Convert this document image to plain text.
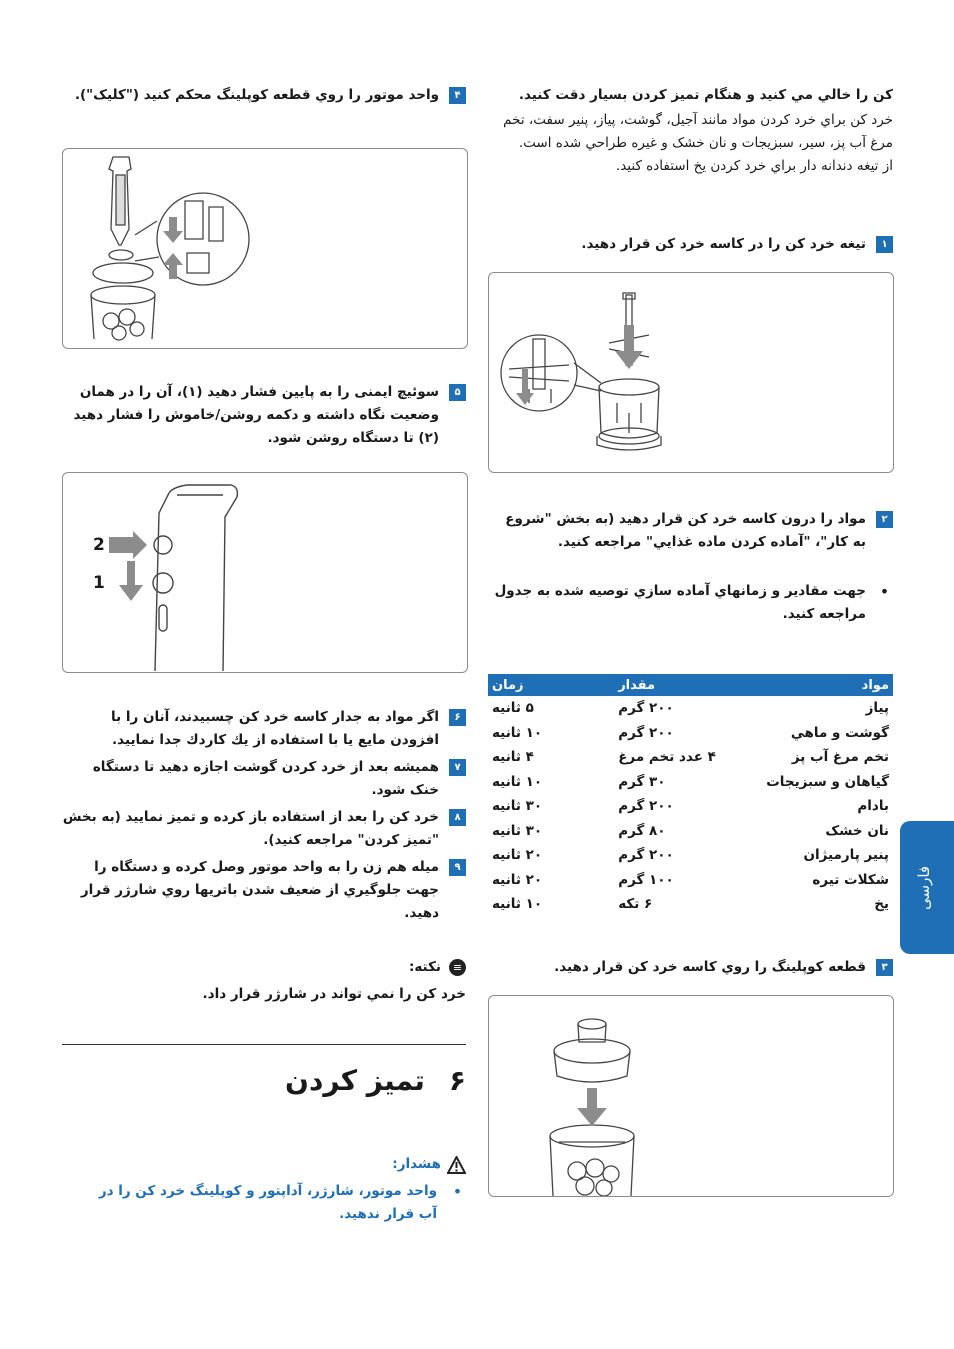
کن را خالي مي کنيد و هنگام تميز کردن بسيار دقت کنيد.

خرد کن براي خرد کردن مواد مانند آجيل، گوشت، پياز، پنير سفت، تخم مرغ آب پز، سير، سبزيجات و نان خشک و غيره طراحي شده است.

از تيغه دندانه دار براي خرد کردن يخ استفاده کنيد.

۱
تيغه خرد کن را در کاسه خرد کن قرار دهيد.
۲
مواد را درون کاسه خرد کن قرار دهيد (به بخش "شروع به کار"، "آماده کردن ماده غذايي" مراجعه کنيد.
•
جهت مقادير و زمانهاي آماده سازي توصيه شده به جدول مراجعه کنيد.
مواد	مقدار	زمان
پياز	۲۰۰ گرم	۵ ثانيه
گوشت و ماهي	۲۰۰ گرم	۱۰ ثانيه
تخم مرغ آب پز	۴ عدد تخم مرغ	۴ ثانيه
گياهان و سبزيجات	۳۰ گرم	۱۰ ثانيه
بادام	۲۰۰ گرم	۳۰ ثانيه
نان خشک	۸۰ گرم	۳۰ ثانيه
پنير پارميژان	۲۰۰ گرم	۲۰ ثانيه
شکلات تيره	۱۰۰ گرم	۲۰ ثانيه
يخ	۶ تکه	۱۰ ثانيه
۳
قطعه کوپلينگ را روي کاسه خرد کن قرار دهيد.
۴
واحد موتور را روي قطعه کوپلينگ محکم کنيد ("کليک").
۵
سوئيچ ايمنی را به پايين فشار دهيد (۱)، آن را در همان وضعيت نگاه داشته و دکمه روشن/خاموش را فشار دهيد (۲) تا دستگاه روشن شود.
2
1
۶
اگر مواد به جدار کاسه خرد کن چسبيدند، آنان را با افزودن مايع يا با استفاده از يك كاردك جدا نماييد.
۷
هميشه بعد از خرد کردن گوشت اجازه دهيد تا دستگاه خنک شود.
۸
خرد کن را بعد از استفاده باز کرده و تميز نماييد (به بخش "تميز کردن" مراجعه کنيد).
۹
ميله هم زن را به واحد موتور وصل کرده و دستگاه را جهت جلوگيري از ضعيف شدن باتريها روي شارژر قرار دهيد.
≡
نکته:

خرد کن را نمي تواند در شارژر قرار داد.

۶
تميز کردن
هشدار:
•
واحد موتور، شارژر، آداپتور و کوپلينگ خرد کن را در آب قرار ندهيد.
فارسی
